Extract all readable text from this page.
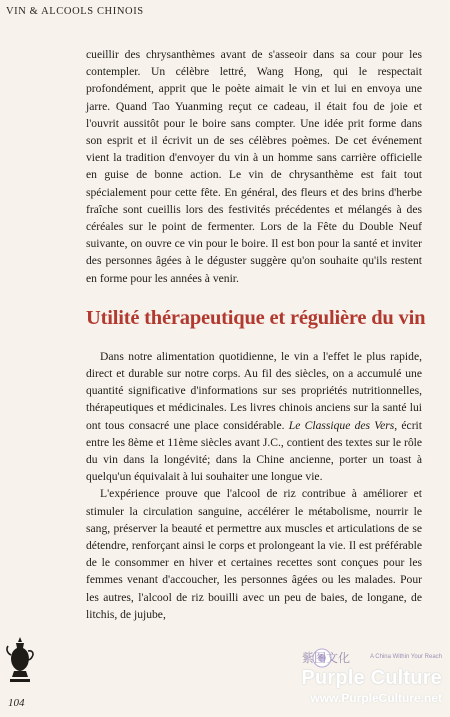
VIN & ALCOOLS CHINOIS

cueillir des chrysanthèmes avant de s'asseoir dans sa cour pour les contempler. Un célèbre lettré, Wang Hong, qui le respectait profondément, apprit que le poète aimait le vin et lui en envoya une jarre. Quand Tao Yuanming reçut ce cadeau, il était fou de joie et l'ouvrit aussitôt pour le boire sans compter. Une idée prit forme dans son esprit et il écrivit un de ses célèbres poèmes. De cet événement vient la tradition d'envoyer du vin à un homme sans carrière officielle en guise de bonne action. Le vin de chrysanthème est fait tout spécialement pour cette fête. En général, des fleurs et des brins d'herbe fraîche sont cueillis lors des festivités précédentes et mélangés à des céréales sur le point de fermenter. Lors de la Fête du Double Neuf suivante, on ouvre ce vin pour le boire. Il est bon pour la santé et inviter des personnes âgées à le déguster suggère qu'on souhaite qu'ils restent en forme pour les années à venir.

Utilité thérapeutique et régulière du vin

Dans notre alimentation quotidienne, le vin a l'effet le plus rapide, direct et durable sur notre corps. Au fil des siècles, on a accumulé une quantité significative d'informations sur ses propriétés nutritionnelles, thérapeutiques et médicinales. Les livres chinois anciens sur la santé lui ont tous consacré une place considérable. Le Classique des Vers, écrit entre les 8ème et 11ème siècles avant J.C., contient des textes sur le rôle du vin dans la longévité; dans la Chine ancienne, porter un toast à quelqu'un équivalait à lui souhaiter une longue vie.

L'expérience prouve que l'alcool de riz contribue à améliorer et stimuler la circulation sanguine, accélérer le métabolisme, nourrir le sang, préserver la beauté et permettre aux muscles et articulations de se détendre, renforçant ainsi le corps et prolongeant la vie. Il est préférable de le consommer en hiver et certaines recettes sont conçues pour les femmes venant d'accoucher, les personnes âgées ou les malades. Pour les autres, l'alcool de riz bouilli avec un peu de baies, de longane, de litchis, de jujube,

104
紫图文化	A China Within Your Reach
Purple Culture
www.PurpleCulture.net
